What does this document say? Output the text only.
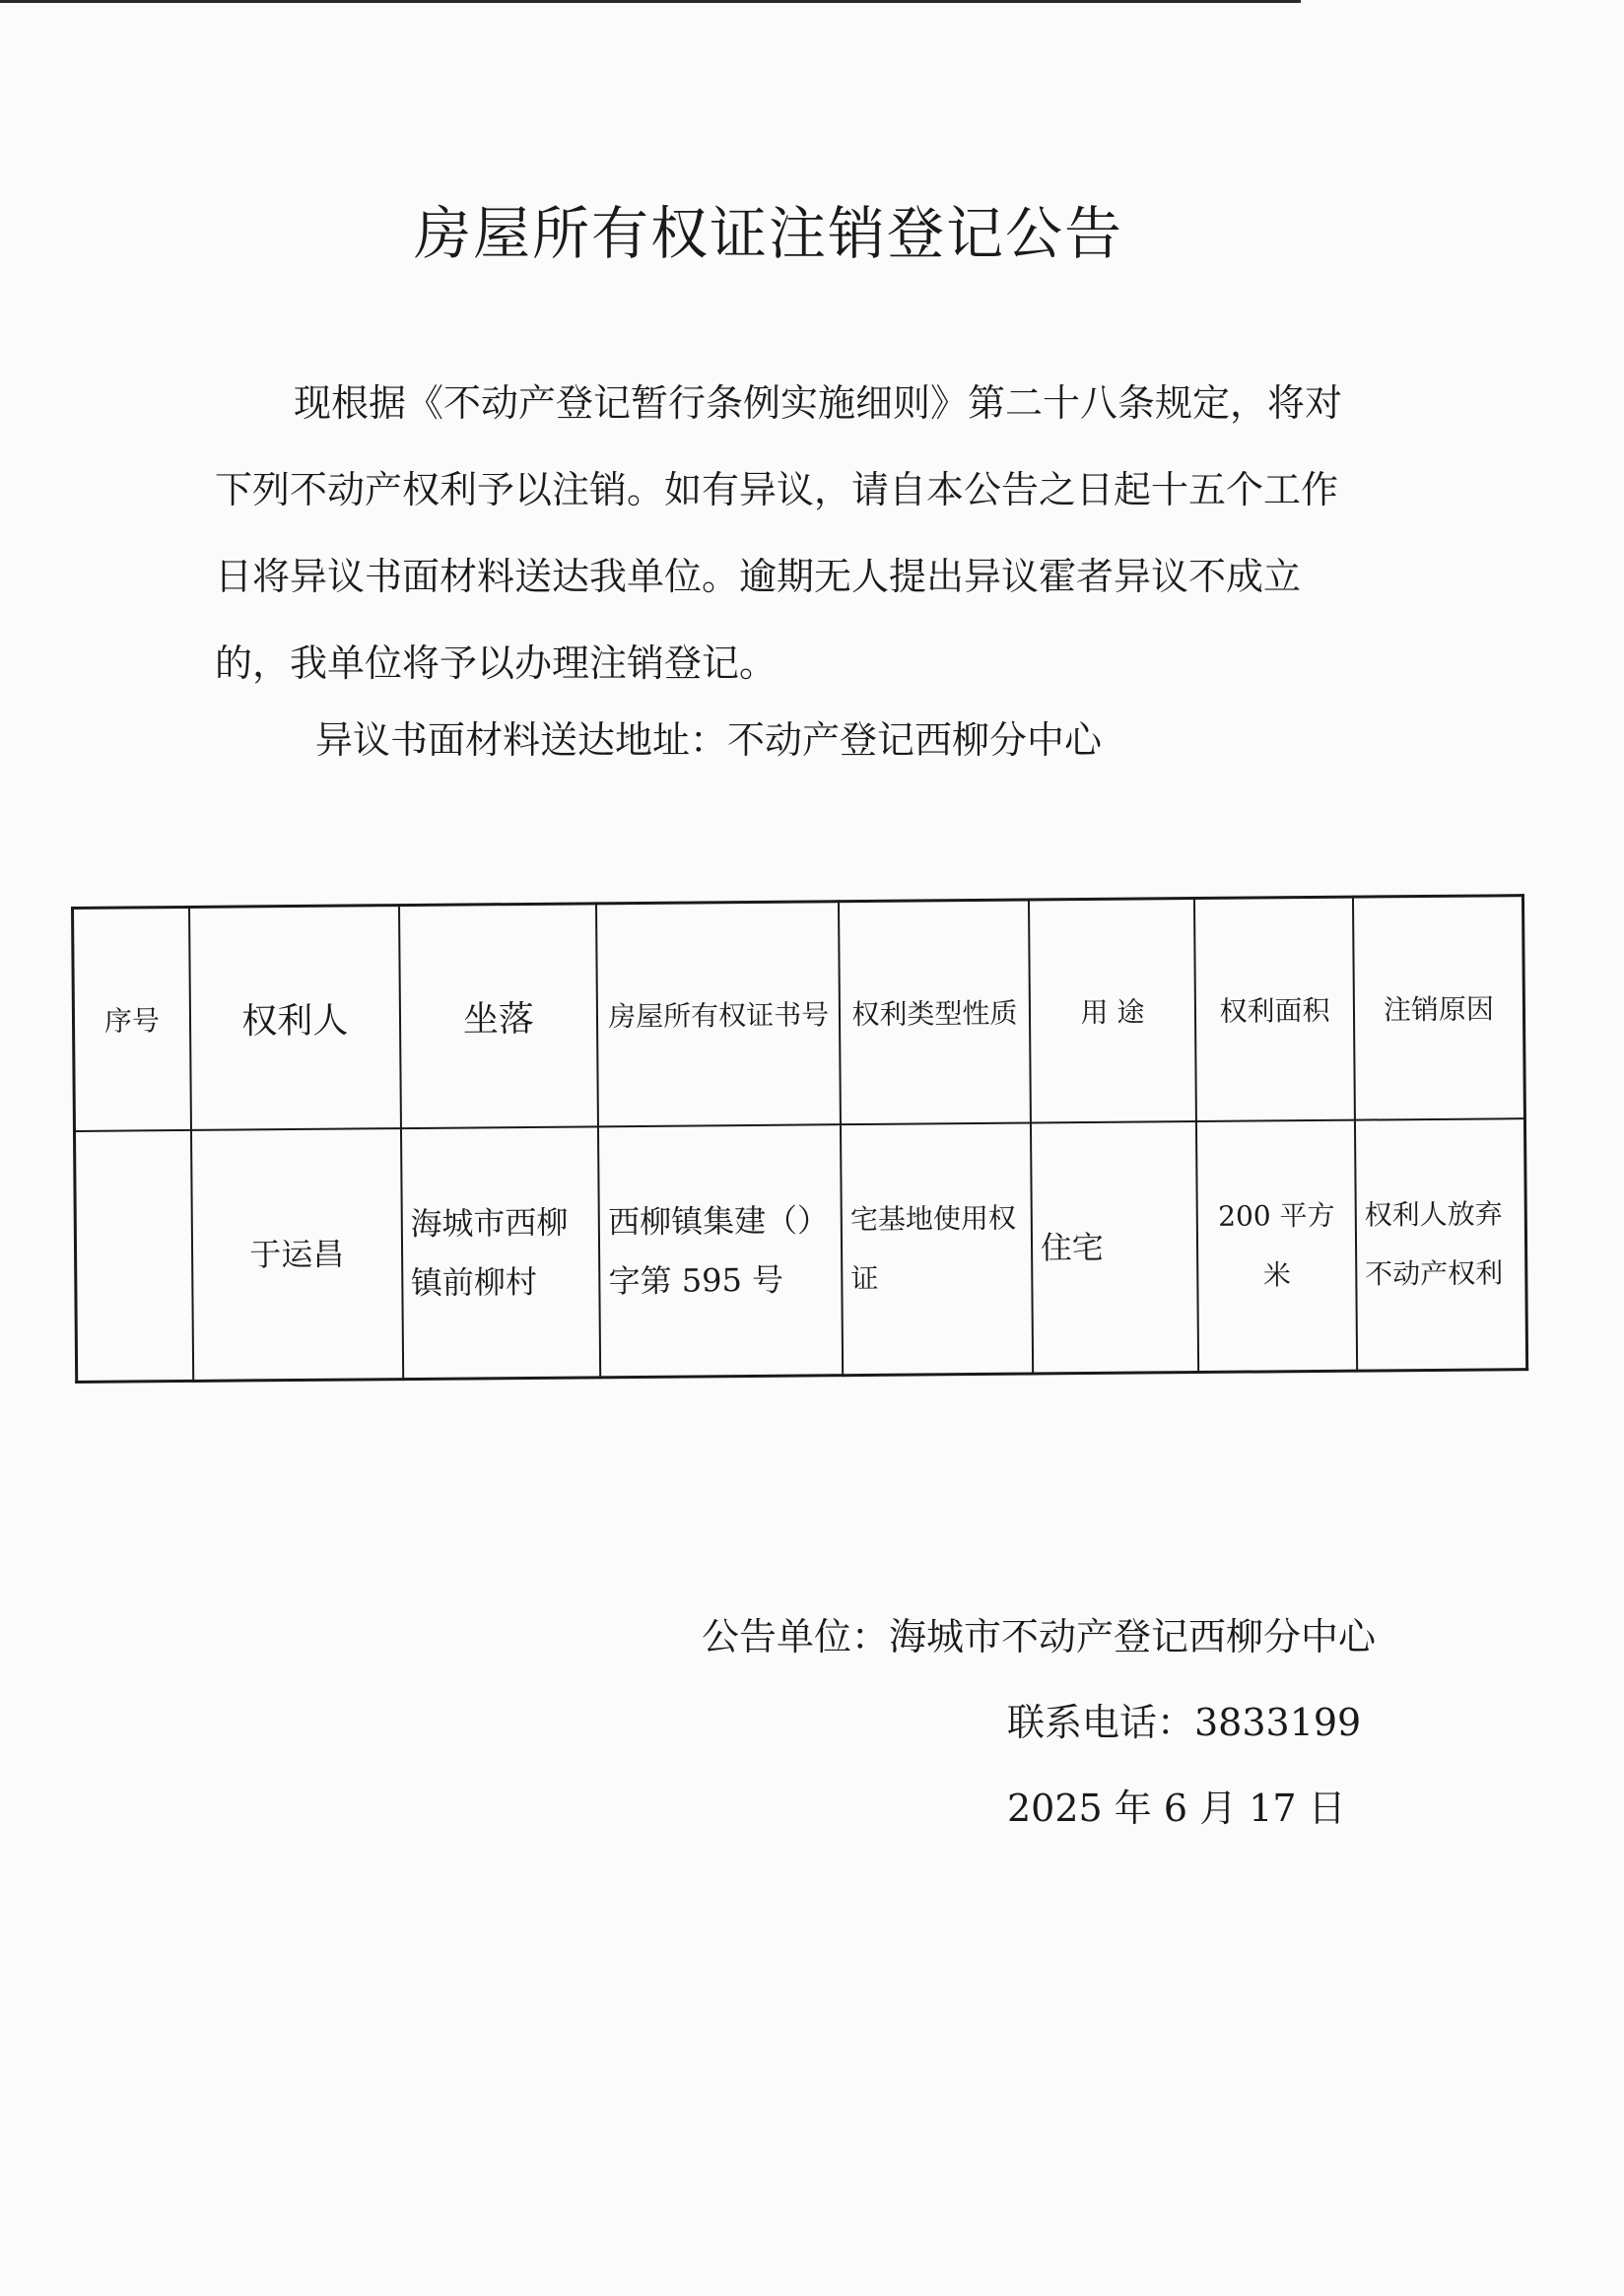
房屋所有权证注销登记公告
现根据《不动产登记暂行条例实施细则》第二十八条规定，将对下列不动产权利予以注销。如有异议，请自本公告之日起十五个工作日将异议书面材料送达我单位。逾期无人提出异议霍者异议不成立的，我单位将予以办理注销登记。
异议书面材料送达地址：不动产登记西柳分中心
序号	权利人	坐落	房屋所有权证书号	权利类型性质	用 途	权利面积	注销原因
	于运昌	海城市西柳镇前柳村	西柳镇集建（）字第 595 号	宅基地使用权证	住宅	200 平方米	权利人放弃不动产权利
公告单位：海城市不动产登记西柳分中心
联系电话：3833199
2025 年 6 月 17 日
